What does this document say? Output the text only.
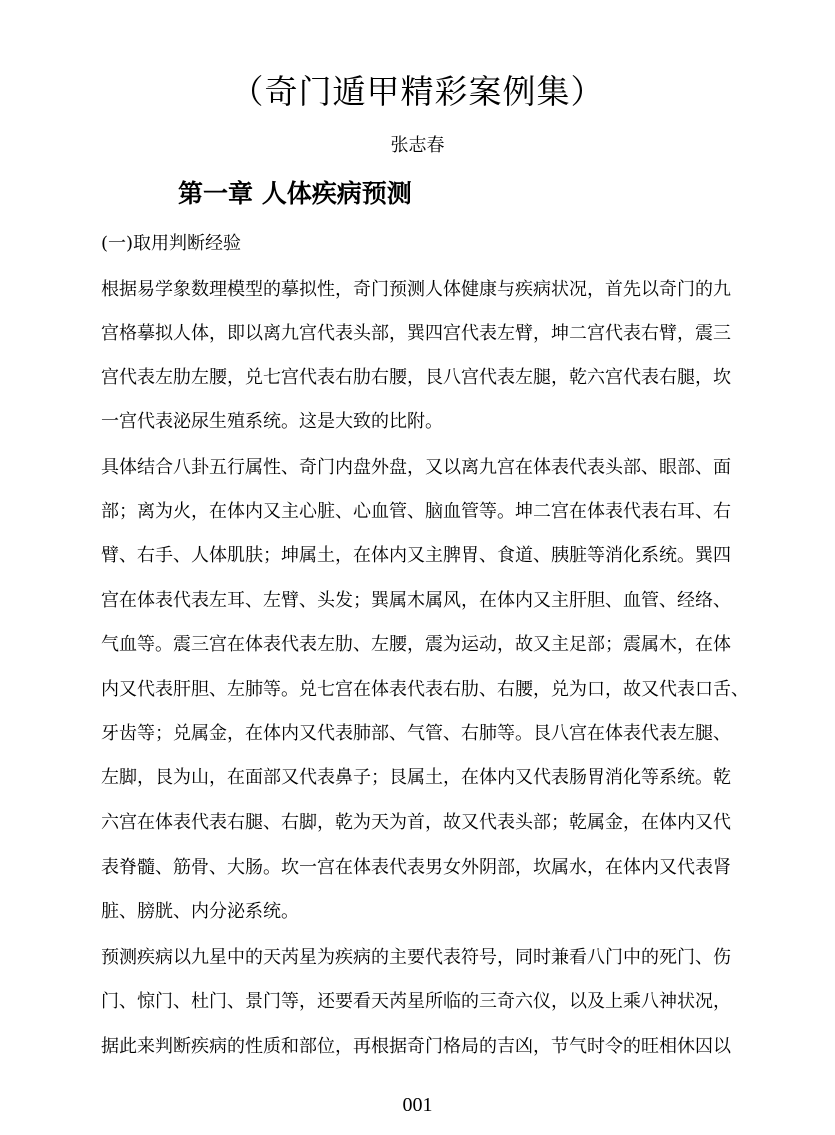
（奇门遁甲精彩案例集）
张志春
第一章 人体疾病预测
(一)取用判断经验
根据易学象数理模型的摹拟性，奇门预测人体健康与疾病状况，首先以奇门的九
宫格摹拟人体，即以离九宫代表头部，巽四宫代表左臂，坤二宫代表右臂，震三
宫代表左肋左腰，兑七宫代表右肋右腰，艮八宫代表左腿，乾六宫代表右腿，坎
一宫代表泌尿生殖系统。这是大致的比附。
具体结合八卦五行属性、奇门内盘外盘，又以离九宫在体表代表头部、眼部、面
部；离为火，在体内又主心脏、心血管、脑血管等。坤二宫在体表代表右耳、右
臂、右手、人体肌肤；坤属土，在体内又主脾胃、食道、胰脏等消化系统。巽四
宫在体表代表左耳、左臂、头发；巽属木属风，在体内又主肝胆、血管、经络、
气血等。震三宫在体表代表左肋、左腰，震为运动，故又主足部；震属木，在体
内又代表肝胆、左肺等。兑七宫在体表代表右肋、右腰，兑为口，故又代表口舌、
牙齿等；兑属金，在体内又代表肺部、气管、右肺等。艮八宫在体表代表左腿、
左脚，艮为山，在面部又代表鼻子；艮属土，在体内又代表肠胃消化等系统。乾
六宫在体表代表右腿、右脚，乾为天为首，故又代表头部；乾属金，在体内又代
表脊髓、筋骨、大肠。坎一宫在体表代表男女外阴部，坎属水，在体内又代表肾
脏、膀胱、内分泌系统。
预测疾病以九星中的天芮星为疾病的主要代表符号，同时兼看八门中的死门、伤
门、惊门、杜门、景门等，还要看天芮星所临的三奇六仪，以及上乘八神状况，
据此来判断疾病的性质和部位，再根据奇门格局的吉凶，节气时令的旺相休囚以
001
